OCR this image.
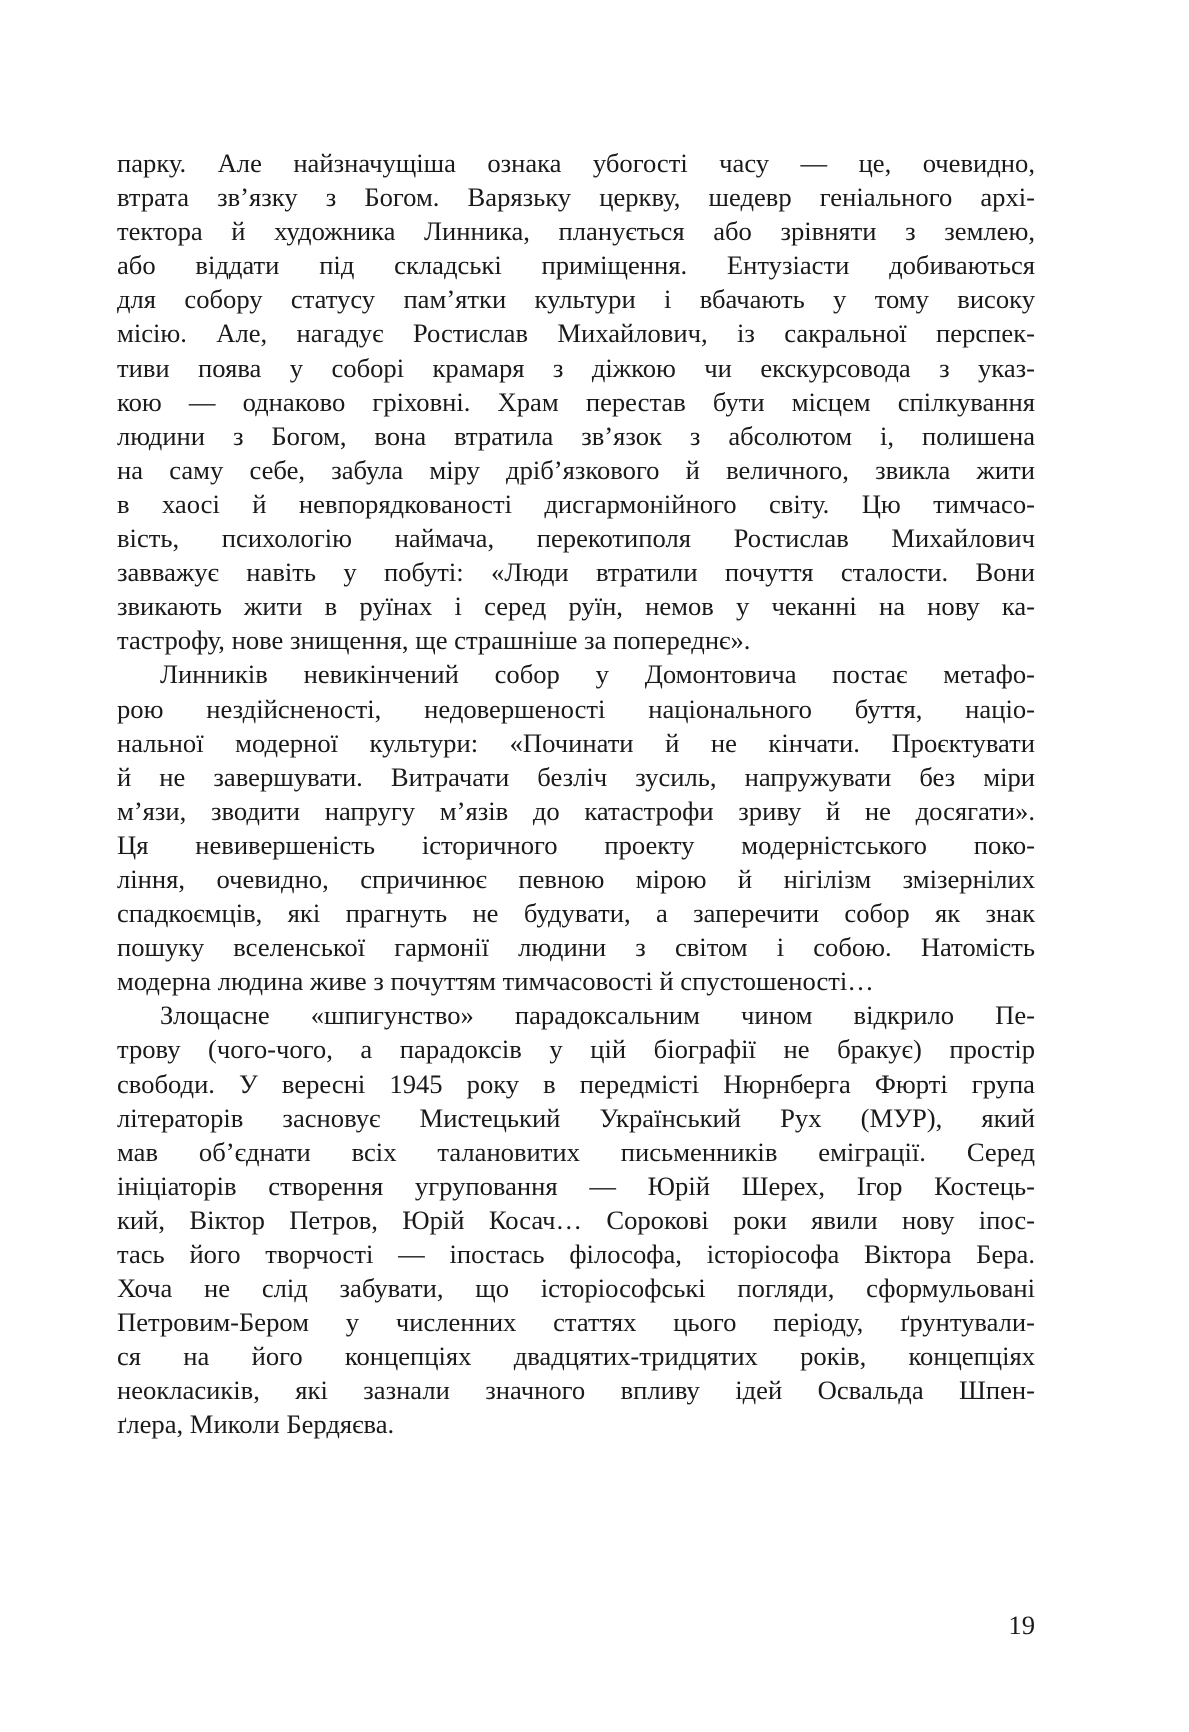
парку. Але найзначущіша ознака убогості часу — це, очевидно,
втрата зв’язку з Богом. Варязьку церкву, шедевр геніального архі-
тектора й художника Линника, планується або зрівняти з землею,
або віддати під складські приміщення. Ентузіасти добиваються
для собору статусу пам’ятки культури і вбачають у тому високу
місію. Але, нагадує Ростислав Михайлович, із сакральної перспек-
тиви поява у соборі крамаря з діжкою чи екскурсовода з указ-
кою — однаково гріховні. Храм перестав бути місцем спілкування
людини з Богом, вона втратила зв’язок з абсолютом і, полишена
на саму себе, забула міру дріб’язкового й величного, звикла жити
в хаосі й невпорядкованості дисгармонійного світу. Цю тимчасо-
вість, психологію наймача, перекотиполя Ростислав Михайлович
завважує навіть у побуті: «Люди втратили почуття сталости. Вони
звикають жити в руїнах і серед руїн, немов у чеканні на нову ка-
тастрофу, нове знищення, ще страшніше за попереднє».
Линників невикінчений собор у Домонтовича постає метафо-
рою нездійсненості, недовершеності національного буття, націо-
нальної модерної культури: «Починати й не кінчати. Проєктувати
й не завершувати. Витрачати безліч зусиль, напружувати без міри
м’язи, зводити напругу м’язів до катастрофи зриву й не досягати».
Ця невивершеність історичного проекту модерністського поко-
ління, очевидно, спричинює певною мірою й нігілізм змізернілих
спадкоємців, які прагнуть не будувати, а заперечити собор як знак
пошуку вселенської гармонії людини з світом і собою. Натомість
модерна людина живе з почуттям тимчасовості й спустошеності…
Злощасне «шпигунство» парадоксальним чином відкрило Пе-
трову (чого-чого, а парадоксів у цій біографії не бракує) простір
свободи. У вересні 1945 року в передмісті Нюрнберга Фюрті група
літераторів засновує Мистецький Український Рух (МУР), який
мав об’єднати всіх талановитих письменників еміграції. Серед
ініціаторів створення угруповання — Юрій Шерех, Ігор Костець-
кий, Віктор Петров, Юрій Косач… Сорокові роки явили нову іпос-
тась його творчості — іпостась філософа, історіософа Віктора Бера.
Хоча не слід забувати, що історіософські погляди, сформульовані
Петровим-Бером у численних статтях цього періоду, ґрунтували-
ся на його концепціях двадцятих-тридцятих років, концепціях
неокласиків, які зазнали значного впливу ідей Освальда Шпен-
ґлера, Миколи Бердяєва.
19
